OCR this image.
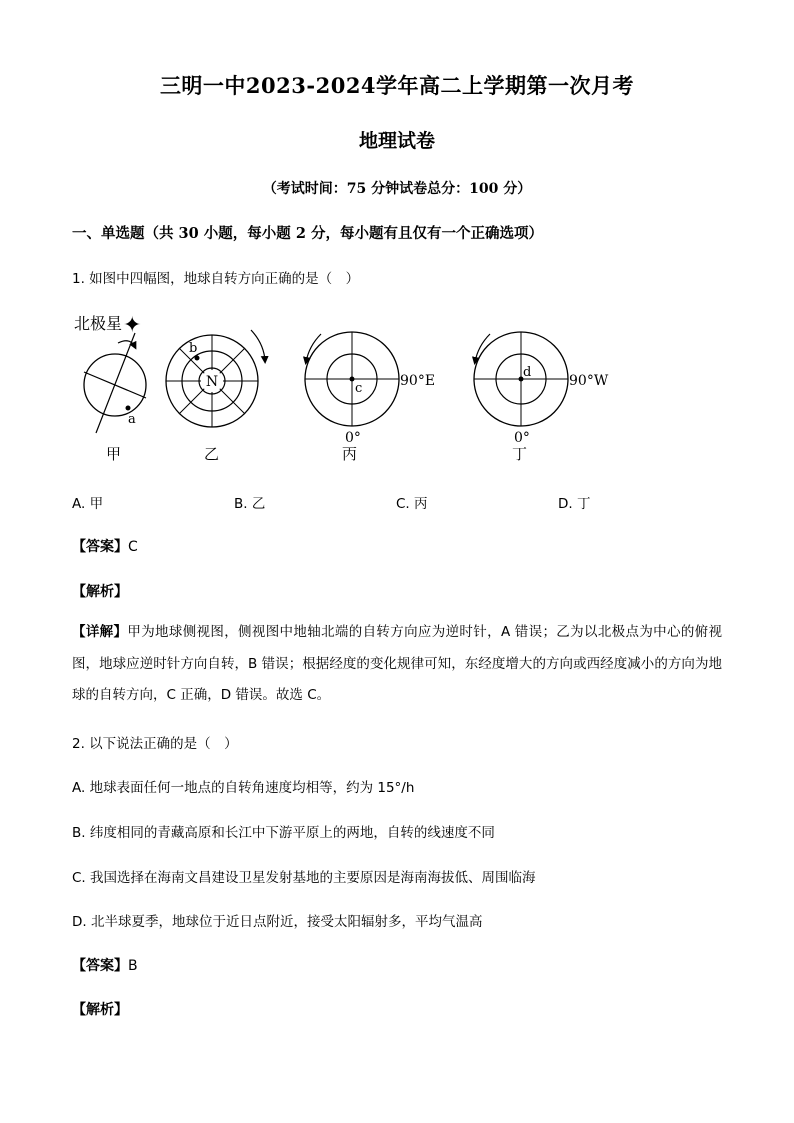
三明一中2023-2024学年高二上学期第一次月考
地理试卷
（考试时间：75 分钟试卷总分：100 分）
一、单选题（共 30 小题，每小题 2 分，每小题有且仅有一个正确选项）
1. 如图中四幅图，地球自转方向正确的是（　）
北极星 ✦
a
甲
N
b
乙
c	90°E
0°
丙
d
90°W
0°
丁
A. 甲	B. 乙	C. 丙	D. 丁
【答案】C
【解析】
【详解】甲为地球侧视图，侧视图中地轴北端的自转方向应为逆时针，A 错误；乙为以北极点为中心的俯视图，地球应逆时针方向自转，B 错误；根据经度的变化规律可知，东经度增大的方向或西经度减小的方向为地球的自转方向，C 正确，D 错误。故选 C。
2. 以下说法正确的是（　）
A. 地球表面任何一地点的自转角速度均相等，约为 15°/h
B. 纬度相同的青藏高原和长江中下游平原上的两地，自转的线速度不同
C. 我国选择在海南文昌建设卫星发射基地的主要原因是海南海拔低、周围临海
D. 北半球夏季，地球位于近日点附近，接受太阳辐射多，平均气温高
【答案】B
【解析】
